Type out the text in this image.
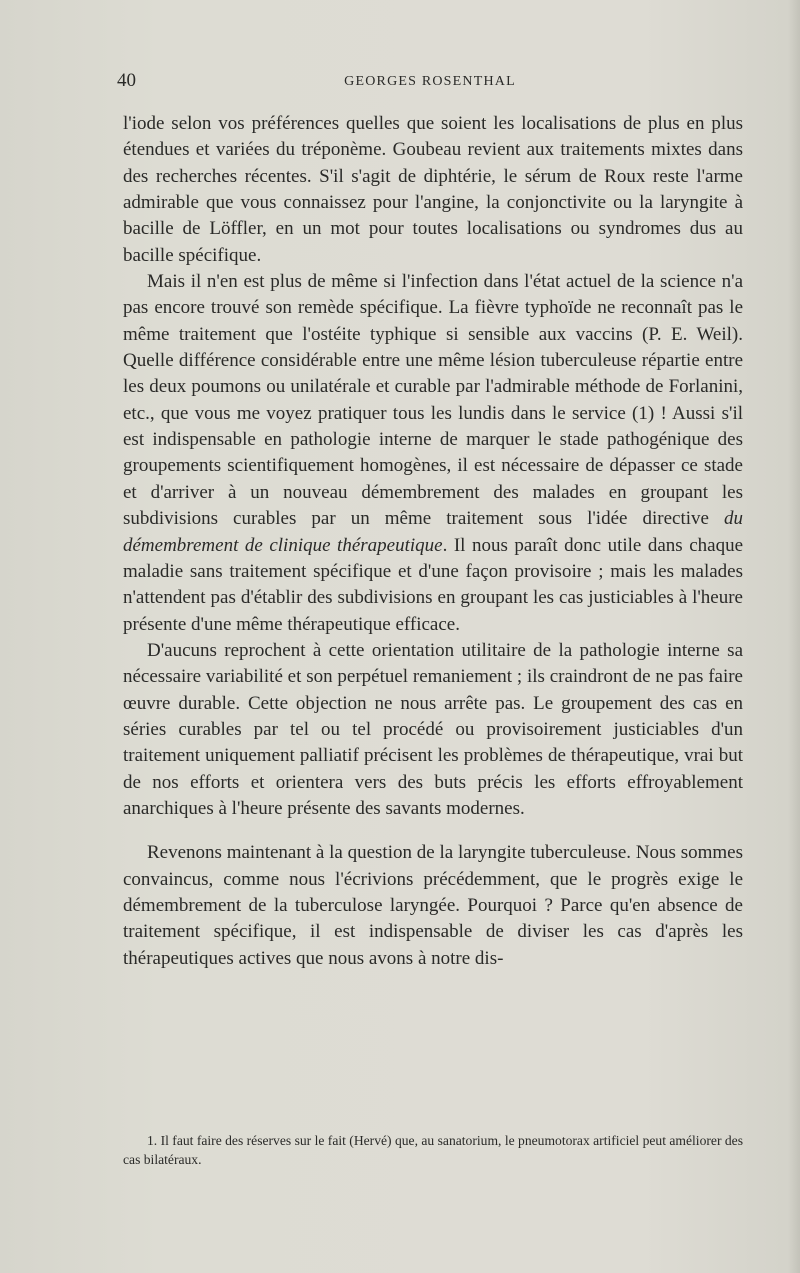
40	GEORGES ROSENTHAL

l'iode selon vos préférences quelles que soient les localisations de plus en plus étendues et variées du tréponème. Goubeau revient aux traitements mixtes dans des recherches récentes. S'il s'agit de diphtérie, le sérum de Roux reste l'arme admirable que vous connaissez pour l'angine, la conjonctivite ou la laryngite à bacille de Löffler, en un mot pour toutes localisations ou syndromes dus au bacille spécifique.

Mais il n'en est plus de même si l'infection dans l'état actuel de la science n'a pas encore trouvé son remède spécifique. La fièvre typhoïde ne reconnaît pas le même traitement que l'ostéite typhique si sensible aux vaccins (P. E. Weil). Quelle différence considérable entre une même lésion tuberculeuse répartie entre les deux poumons ou unilatérale et curable par l'admirable méthode de Forlanini, etc., que vous me voyez pratiquer tous les lundis dans le service (1) ! Aussi s'il est indispensable en pathologie interne de marquer le stade pathogénique des groupements scientifiquement homogènes, il est nécessaire de dépasser ce stade et d'arriver à un nouveau démembrement des malades en groupant les subdivisions curables par un même traitement sous l'idée directive du démembrement de clinique thérapeutique. Il nous paraît donc utile dans chaque maladie sans traitement spécifique et d'une façon provisoire ; mais les malades n'attendent pas d'établir des subdivisions en groupant les cas justiciables à l'heure présente d'une même thérapeutique efficace.

D'aucuns reprochent à cette orientation utilitaire de la pathologie interne sa nécessaire variabilité et son perpétuel remaniement ; ils craindront de ne pas faire œuvre durable. Cette objection ne nous arrête pas. Le groupement des cas en séries curables par tel ou tel procédé ou provisoirement justiciables d'un traitement uniquement palliatif précisent les problèmes de thérapeutique, vrai but de nos efforts et orientera vers des buts précis les efforts effroyablement anarchiques à l'heure présente des savants modernes.

Revenons maintenant à la question de la laryngite tuberculeuse. Nous sommes convaincus, comme nous l'écrivions précédemment, que le progrès exige le démembrement de la tuberculose laryngée. Pourquoi ? Parce qu'en absence de traitement spécifique, il est indispensable de diviser les cas d'après les thérapeutiques actives que nous avons à notre dis-

1. Il faut faire des réserves sur le fait (Hervé) que, au sanatorium, le pneumotorax artificiel peut améliorer des cas bilatéraux.
